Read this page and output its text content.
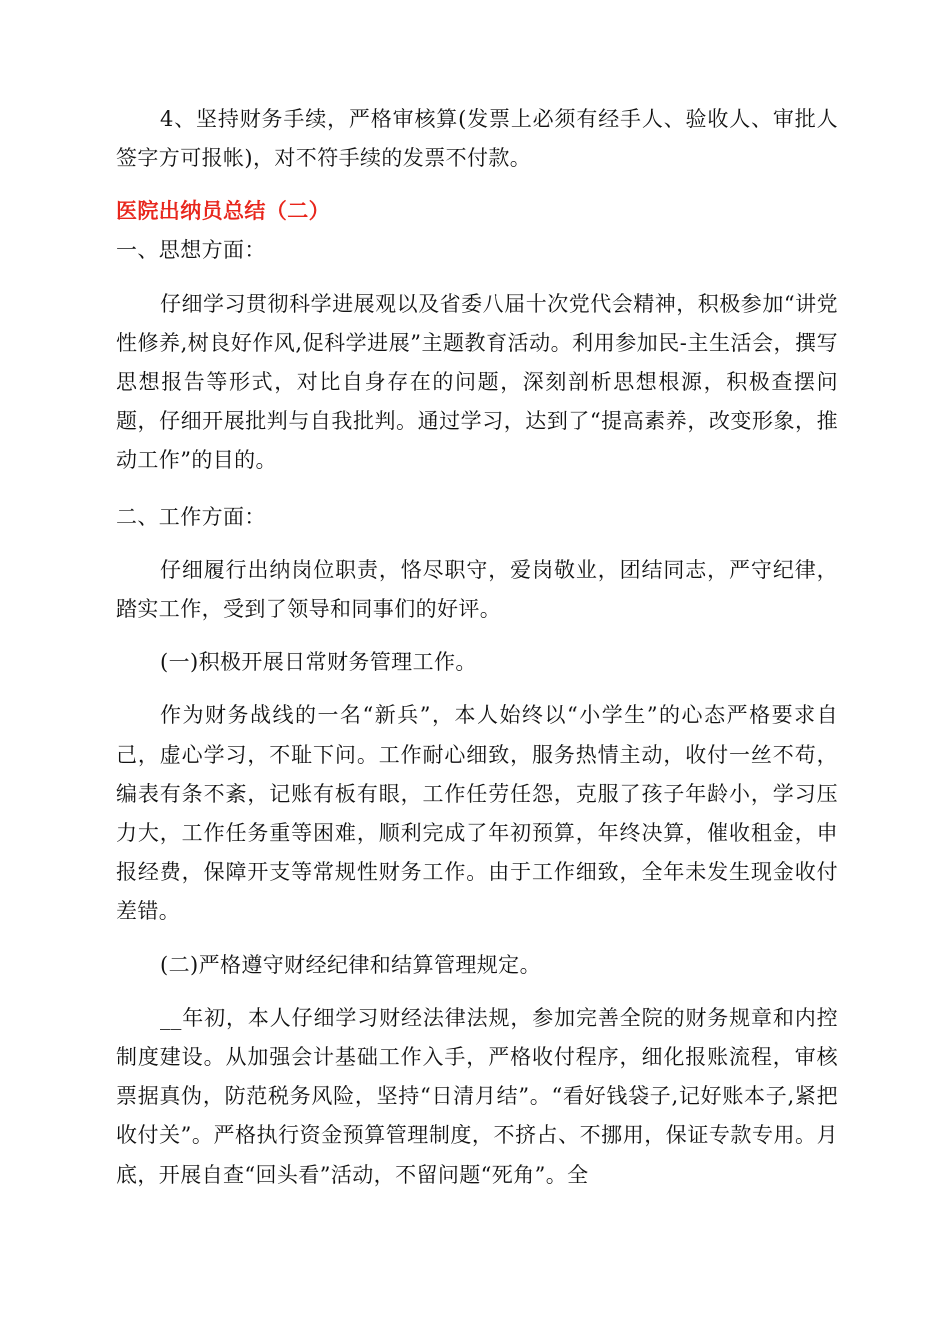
4、坚持财务手续，严格审核算(发票上必须有经手人、验收人、审批人签字方可报帐)，对不符手续的发票不付款。

医院出纳员总结（二）

一、思想方面：

仔细学习贯彻科学进展观以及省委八届十次党代会精神，积极参加“讲党性修养,树良好作风,促科学进展”主题教育活动。利用参加民-主生活会，撰写思想报告等形式，对比自身存在的问题，深刻剖析思想根源，积极查摆问题，仔细开展批判与自我批判。通过学习，达到了“提高素养，改变形象，推动工作”的目的。

二、工作方面：

仔细履行出纳岗位职责，恪尽职守，爱岗敬业，团结同志，严守纪律，踏实工作，受到了领导和同事们的好评。

(一)积极开展日常财务管理工作。

作为财务战线的一名“新兵”，本人始终以“小学生”的心态严格要求自己，虚心学习，不耻下问。工作耐心细致，服务热情主动，收付一丝不苟，编表有条不紊，记账有板有眼，工作任劳任怨，克服了孩子年龄小，学习压力大，工作任务重等困难，顺利完成了年初预算，年终决算，催收租金，申报经费，保障开支等常规性财务工作。由于工作细致，全年未发生现金收付差错。

(二)严格遵守财经纪律和结算管理规定。

__年初，本人仔细学习财经法律法规，参加完善全院的财务规章和内控制度建设。从加强会计基础工作入手，严格收付程序，细化报账流程，审核票据真伪，防范税务风险，坚持“日清月结”。“看好钱袋子,记好账本子,紧把收付关”。严格执行资金预算管理制度，不挤占、不挪用，保证专款专用。月底，开展自查“回头看”活动，不留问题“死角”。全
